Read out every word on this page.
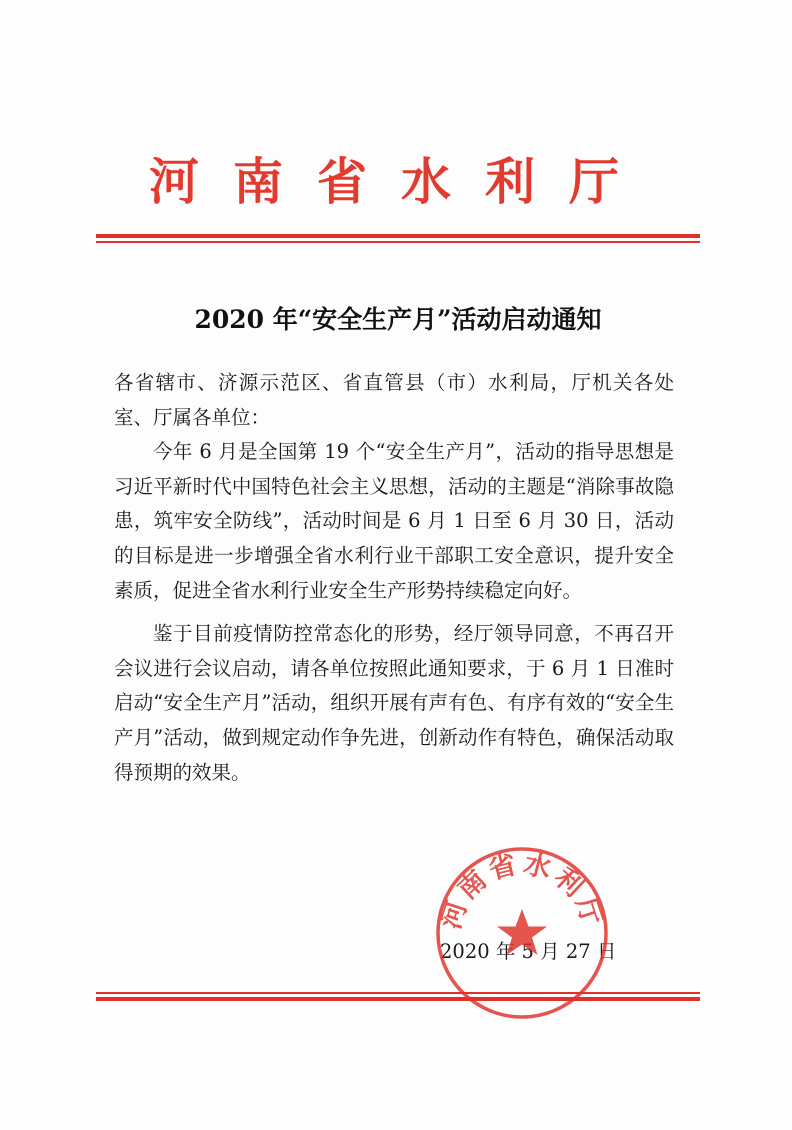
河南省水利厅
2020 年“安全生产月”活动启动通知

各省辖市、济源示范区、省直管县（市）水利局，厅机关各处室、厅属各单位：

今年 6 月是全国第 19 个“安全生产月”，活动的指导思想是习近平新时代中国特色社会主义思想，活动的主题是“消除事故隐患，筑牢安全防线”，活动时间是 6 月 1 日至 6 月 30 日，活动的目标是进一步增强全省水利行业干部职工安全意识，提升安全素质，促进全省水利行业安全生产形势持续稳定向好。

鉴于目前疫情防控常态化的形势，经厅领导同意，不再召开会议进行会议启动，请各单位按照此通知要求，于 6 月 1 日准时启动“安全生产月”活动，组织开展有声有色、有序有效的“安全生产月”活动，做到规定动作争先进，创新动作有特色，确保活动取得预期的效果。

2020 年 5 月 27 日
河南省水利厅
